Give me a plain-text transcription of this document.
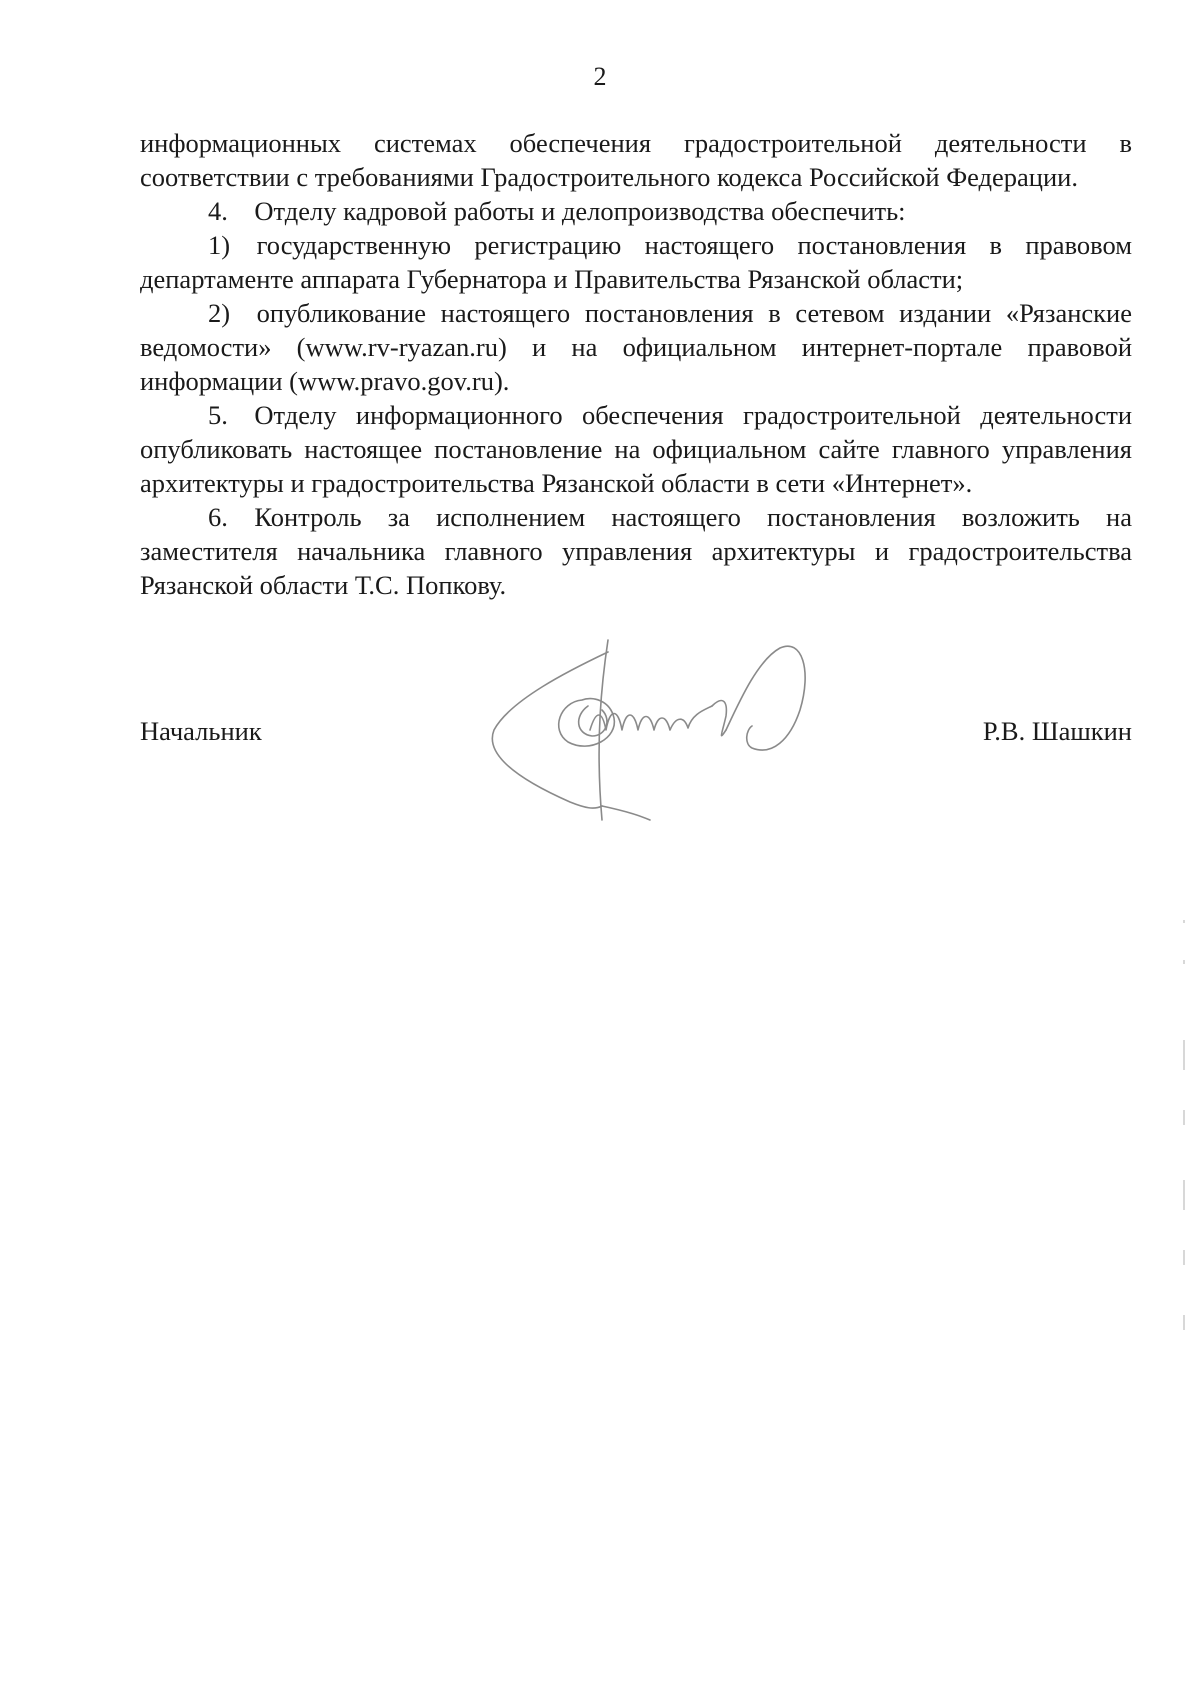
2

информационных системах обеспечения градостроительной деятельности в соответствии с требованиями Градостроительного кодекса Российской Федерации.

4. Отделу кадровой работы и делопроизводства обеспечить:

1) государственную регистрацию настоящего постановления в правовом департаменте аппарата Губернатора и Правительства Рязанской области;

2) опубликование настоящего постановления в сетевом издании «Рязанские ведомости» (www.rv-ryazan.ru) и на официальном интернет-портале правовой информации (www.pravo.gov.ru).

5. Отделу информационного обеспечения градостроительной деятельности опубликовать настоящее постановление на официальном сайте главного управления архитектуры и градостроительства Рязанской области в сети «Интернет».

6. Контроль за исполнением настоящего постановления возложить на заместителя начальника главного управления архитектуры и градостроительства Рязанской области Т.С. Попкову.

Начальник	Р.В. Шашкин
